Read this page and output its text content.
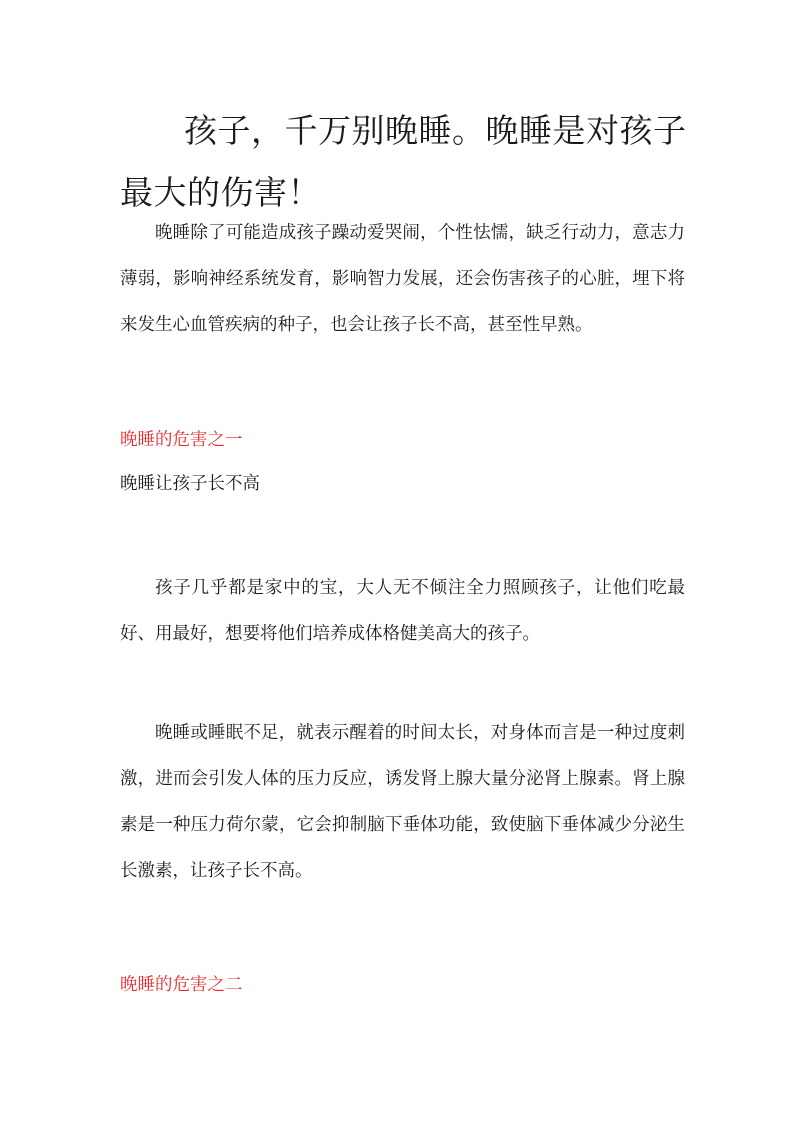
孩子，千万别晚睡。晚睡是对孩子最大的伤害！

晚睡除了可能造成孩子躁动爱哭闹，个性怯懦，缺乏行动力，意志力薄弱，影响神经系统发育，影响智力发展，还会伤害孩子的心脏，埋下将来发生心血管疾病的种子，也会让孩子长不高，甚至性早熟。

晚睡的危害之一

晚睡让孩子长不高

孩子几乎都是家中的宝，大人无不倾注全力照顾孩子，让他们吃最好、用最好，想要将他们培养成体格健美高大的孩子。

晚睡或睡眠不足，就表示醒着的时间太长，对身体而言是一种过度刺激，进而会引发人体的压力反应，诱发肾上腺大量分泌肾上腺素。肾上腺素是一种压力荷尔蒙，它会抑制脑下垂体功能，致使脑下垂体减少分泌生长激素，让孩子长不高。

晚睡的危害之二
